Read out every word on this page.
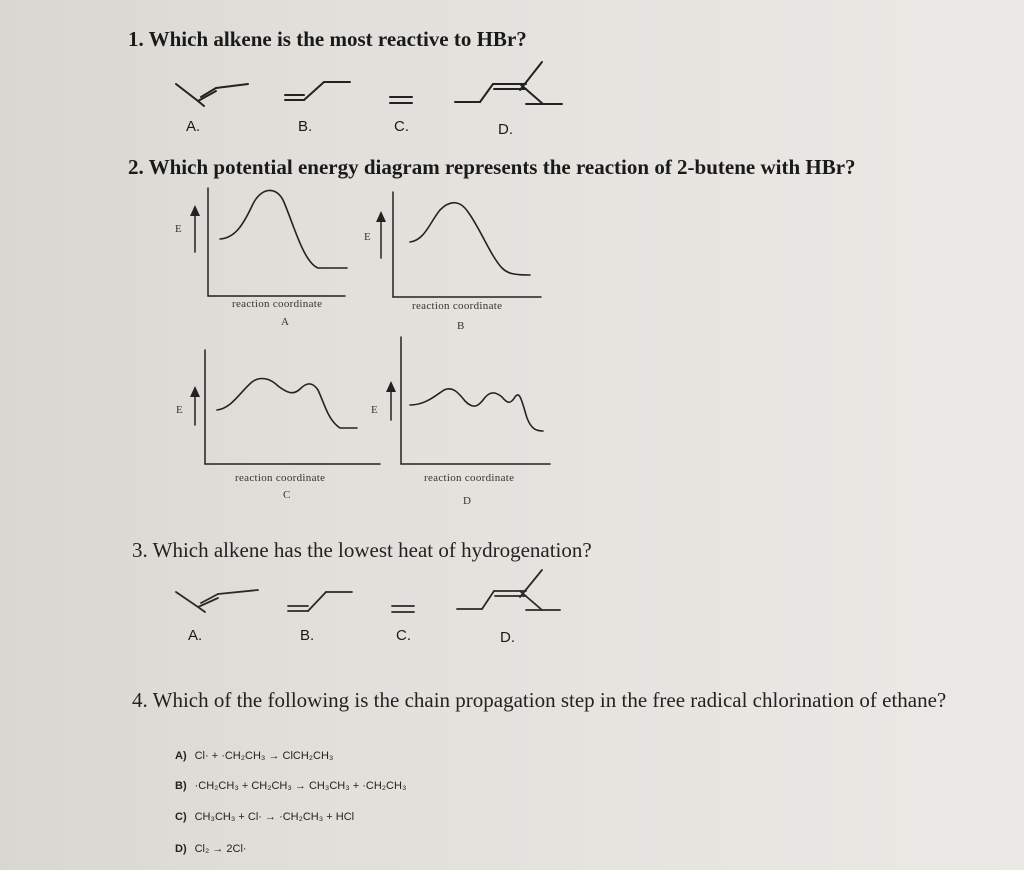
1. Which alkene is the most reactive to HBr?
A.	B.	C.	D.
2. Which potential energy diagram represents the reaction of 2-butene with HBr?
E
reaction coordinate
A
E
reaction coordinate
B
E
reaction coordinate
C
E
reaction coordinate
D
3. Which alkene has the lowest heat of hydrogenation?
A.	B.	C.	D.
4. Which of the following is the chain propagation step in the free radical chlorination of ethane?
A) Cl· + ·CH₂CH₃ → ClCH₂CH₃
B) ·CH₂CH₃ + CH₂CH₃ → CH₃CH₃ + ·CH₂CH₃
C) CH₃CH₃ + Cl· → ·CH₂CH₃ + HCl
D) Cl₂ → 2Cl·
